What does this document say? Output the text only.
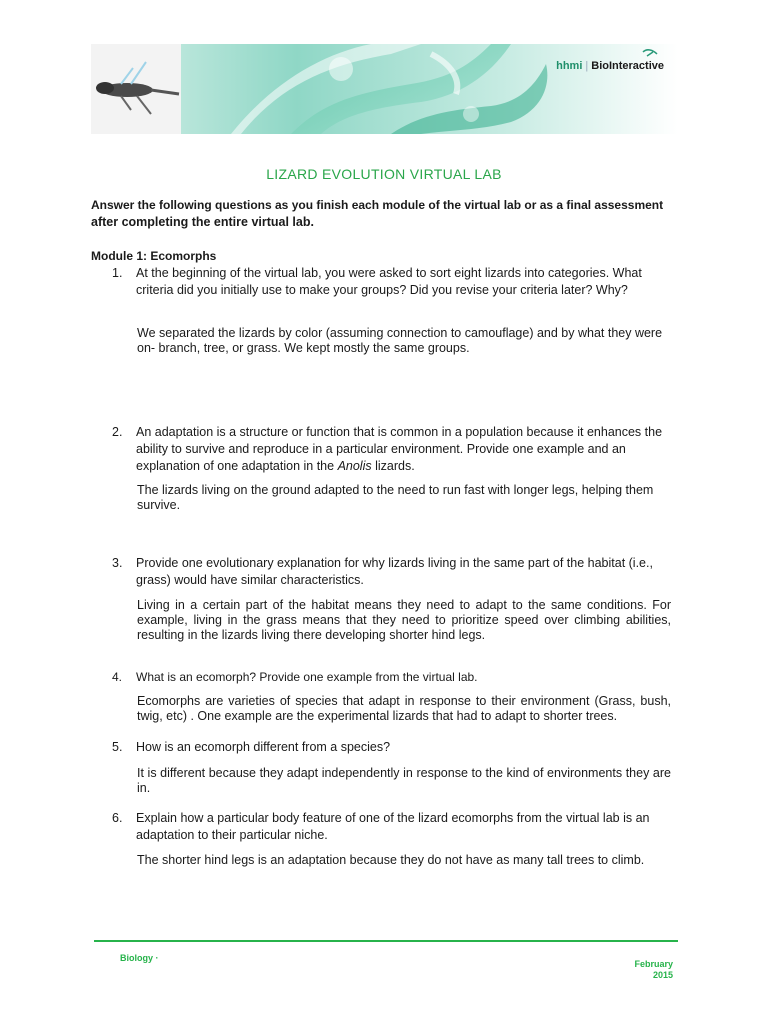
hhmi | BioInteractive
LIZARD EVOLUTION VIRTUAL LAB
Answer the following questions as you finish each module of the virtual lab or as a final assessment
after completing the entire virtual lab.
Module 1: Ecomorphs
1. At the beginning of the virtual lab, you were asked to sort eight lizards into categories. What criteria did you initially use to make your groups? Did you revise your criteria later? Why?
We separated the lizards by color (assuming connection to camouflage) and by what they were on- branch, tree, or grass. We kept mostly the same groups.
2. An adaptation is a structure or function that is common in a population because it enhances the ability to survive and reproduce in a particular environment. Provide one example and an explanation of one adaptation in the Anolis lizards.
The lizards living on the ground adapted to the need to run fast with longer legs, helping them survive.
3. Provide one evolutionary explanation for why lizards living in the same part of the habitat (i.e., grass) would have similar characteristics.
Living in a certain part of the habitat means they need to adapt to the same conditions. For example, living in the grass means that they need to prioritize speed over climbing abilities, resulting in the lizards living there developing shorter hind legs.
4. What is an ecomorph? Provide one example from the virtual lab.
Ecomorphs are varieties of species that adapt in response to their environment (Grass, bush, twig, etc) . One example are the experimental lizards that had to adapt to shorter trees.
5. How is an ecomorph different from a species?
It is different because they adapt independently in response to the kind of environments they are in.
6. Explain how a particular body feature of one of the lizard ecomorphs from the virtual lab is an adaptation to their particular niche.
The shorter hind legs is an adaptation because they do not have as many tall trees to climb.
Biology ·
February
2015
